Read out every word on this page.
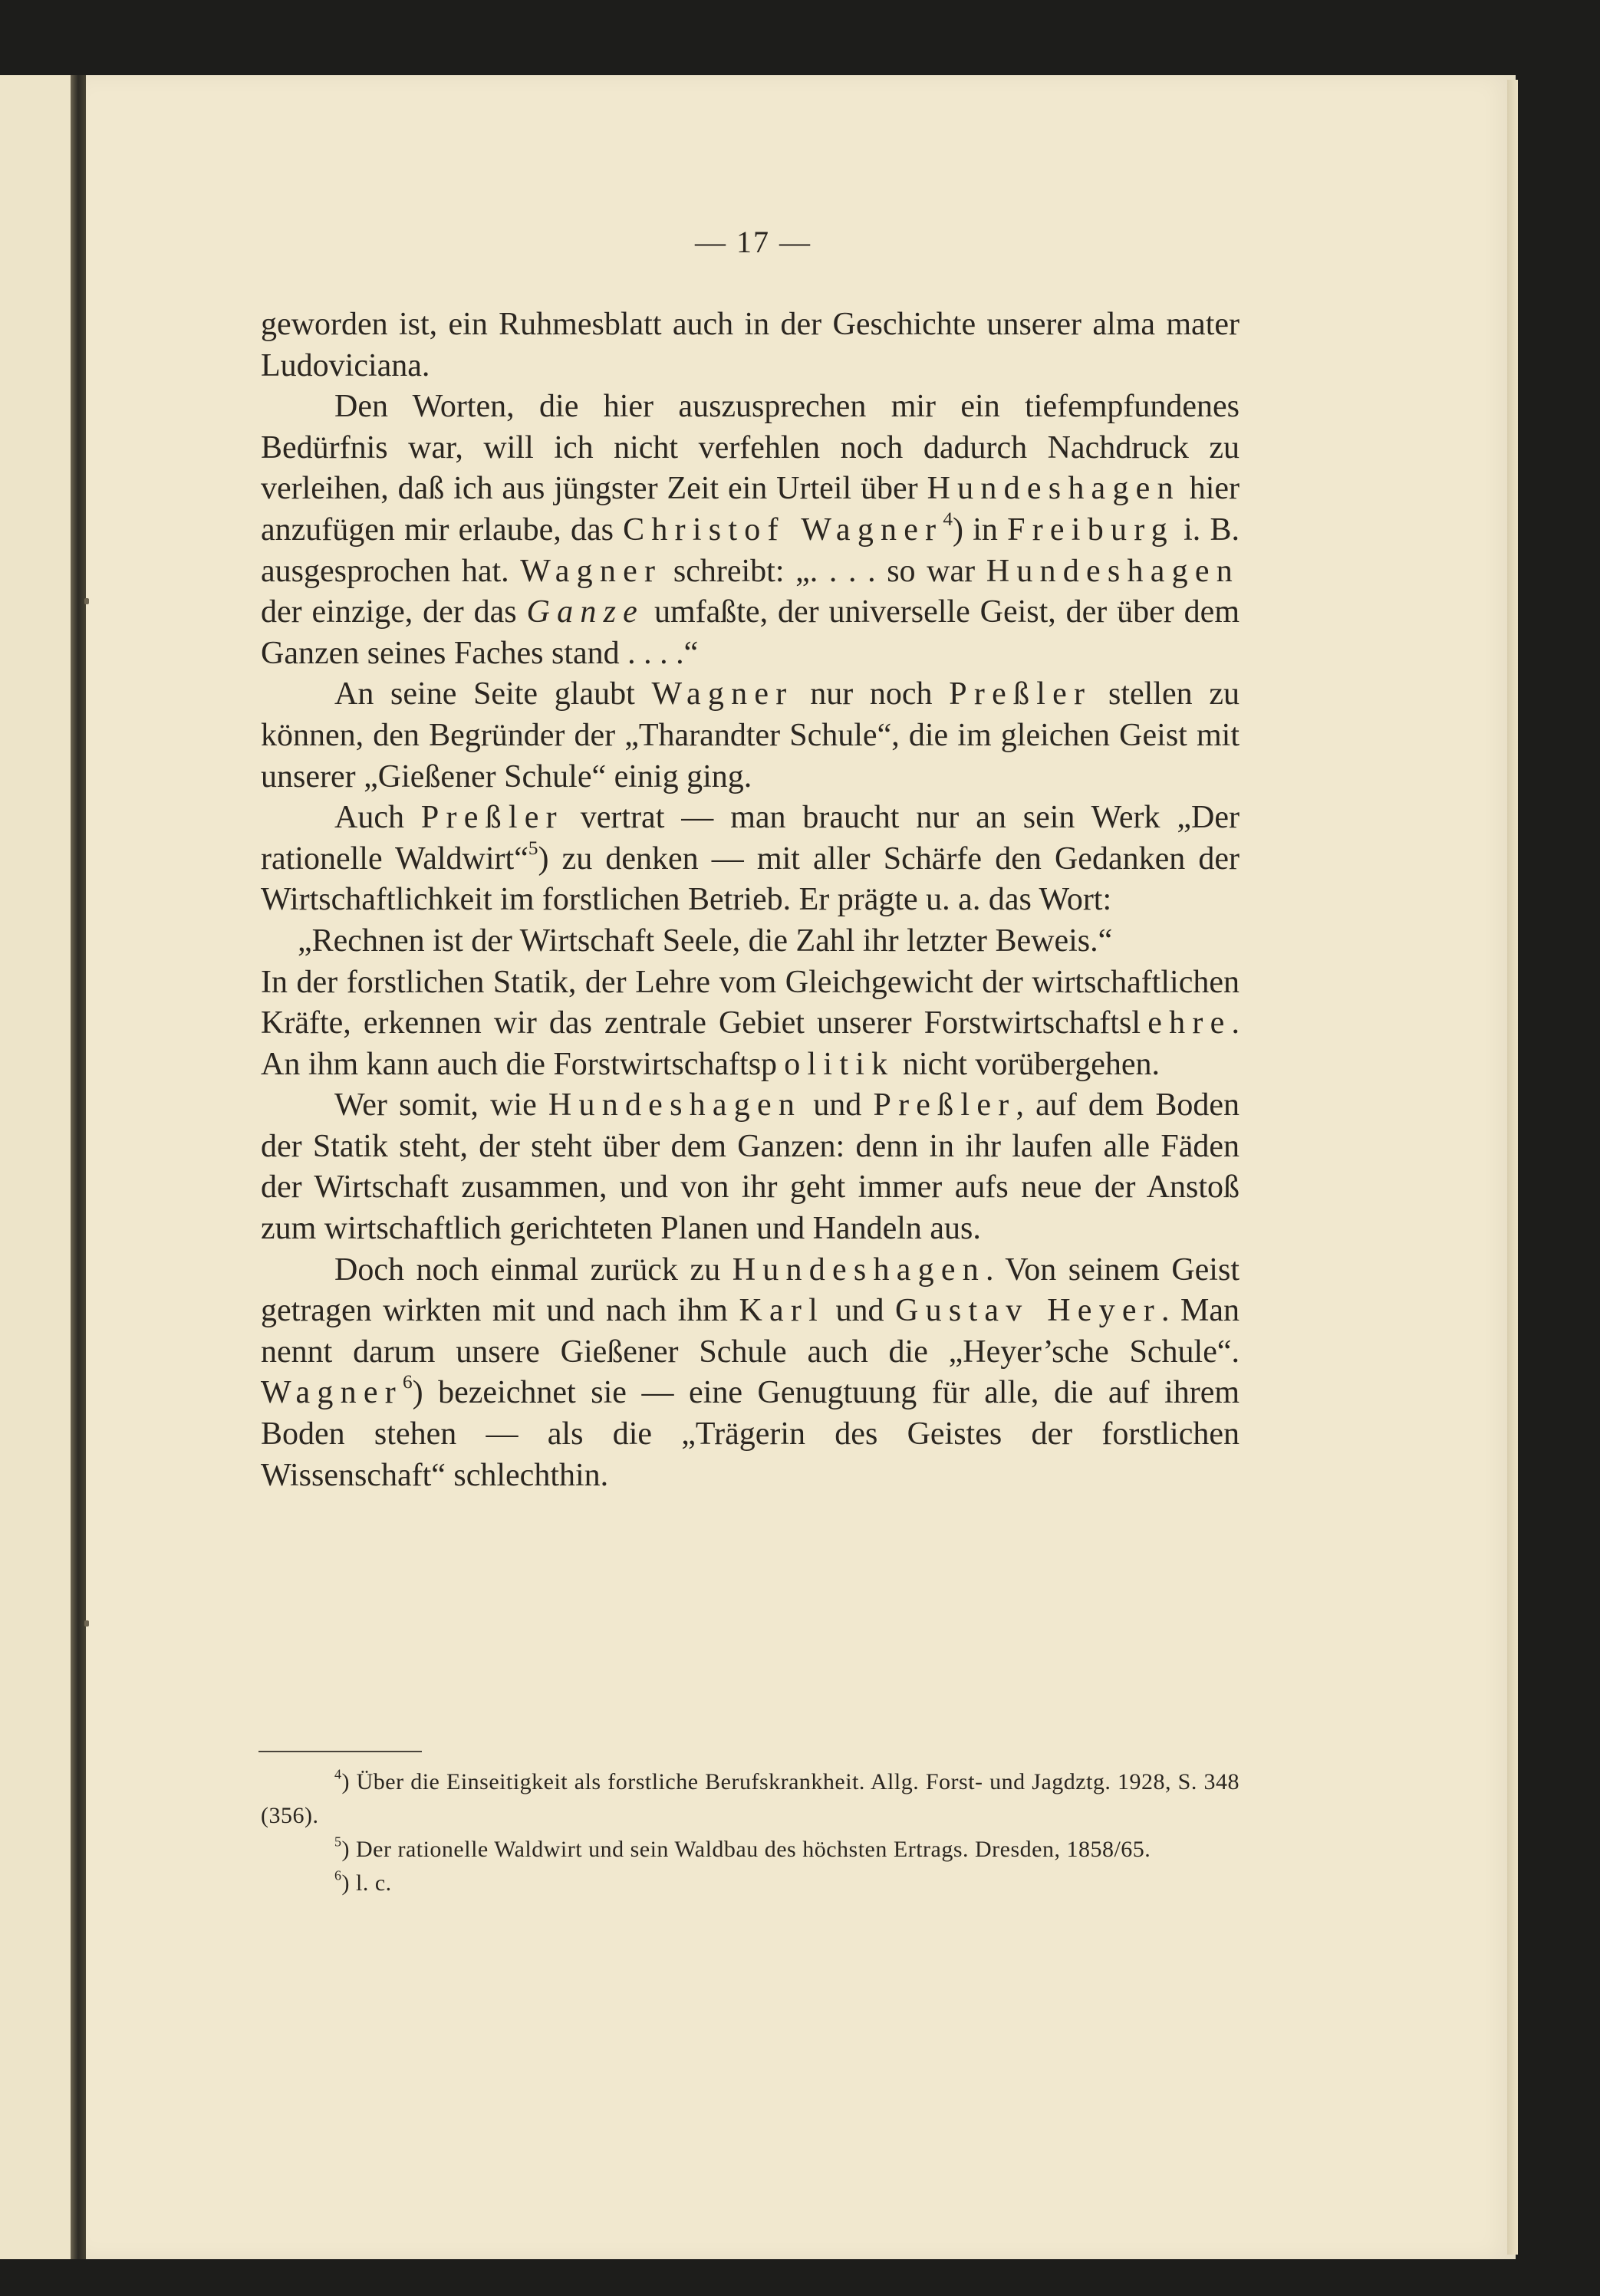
— 17 —

geworden ist, ein Ruhmesblatt auch in der Geschichte unserer alma mater Ludoviciana.

Den Worten, die hier auszusprechen mir ein tiefempfundenes Bedürfnis war, will ich nicht verfehlen noch dadurch Nachdruck zu verleihen, daß ich aus jüngster Zeit ein Urteil über Hundeshagen hier anzufügen mir erlaube, das Christof Wagner$^4$) in Freiburg i. B. ausgesprochen hat. Wagner schreibt: „. . . . so war Hundeshagen der einzige, der das Ganze umfaßte, der universelle Geist, der über dem Ganzen seines Faches stand . . . .“

An seine Seite glaubt Wagner nur noch Preßler stellen zu können, den Begründer der „Tharandter Schule“, die im gleichen Geist mit unserer „Gießener Schule“ einig ging.

Auch Preßler vertrat — man braucht nur an sein Werk „Der rationelle Waldwirt“$^5$) zu denken — mit aller Schärfe den Gedanken der Wirtschaftlichkeit im forstlichen Betrieb. Er prägte u. a. das Wort:

„Rechnen ist der Wirtschaft Seele, die Zahl ihr letzter Beweis.“

In der forstlichen Statik, der Lehre vom Gleichgewicht der wirtschaftlichen Kräfte, erkennen wir das zentrale Gebiet unserer Forstwirtschaftslehre. An ihm kann auch die Forstwirtschaftspolitik nicht vorübergehen.

Wer somit, wie Hundeshagen und Preßler, auf dem Boden der Statik steht, der steht über dem Ganzen: denn in ihr laufen alle Fäden der Wirtschaft zusammen, und von ihr geht immer aufs neue der Anstoß zum wirtschaftlich gerichteten Planen und Handeln aus.

Doch noch einmal zurück zu Hundeshagen. Von seinem Geist getragen wirkten mit und nach ihm Karl und Gustav Heyer. Man nennt darum unsere Gießener Schule auch die „Heyer’sche Schule“. Wagner$^6$) bezeichnet sie — eine Genugtuung für alle, die auf ihrem Boden stehen — als die „Trägerin des Geistes der forstlichen Wissenschaft“ schlechthin.

$^4$) Über die Einseitigkeit als forstliche Berufskrankheit. Allg. Forst- und Jagdztg. 1928, S. 348 (356).

$^5$) Der rationelle Waldwirt und sein Waldbau des höchsten Ertrags. Dresden, 1858/65.

$^6$) l. c.
